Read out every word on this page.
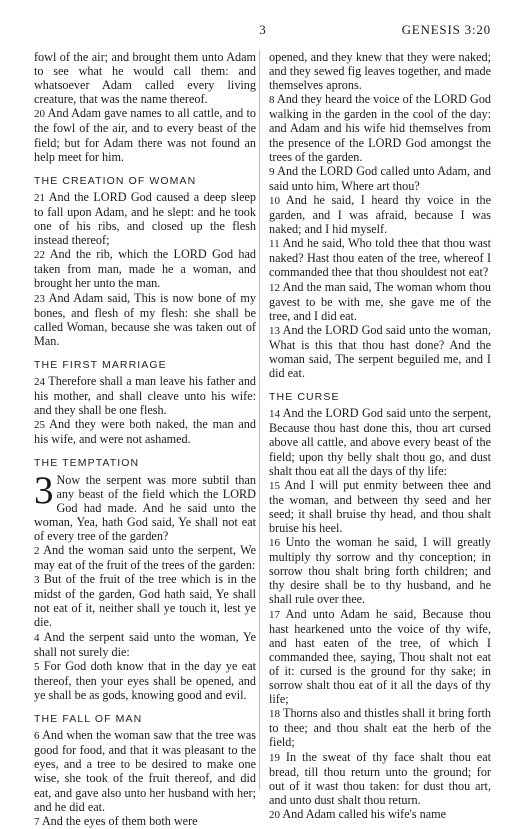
3	GENESIS 3:20
fowl of the air; and brought them unto Adam to see what he would call them: and whatsoever Adam called every living creature, that was the name thereof.
20 And Adam gave names to all cattle, and to the fowl of the air, and to every beast of the field; but for Adam there was not found an help meet for him.
THE CREATION OF WOMAN
21 And the LORD God caused a deep sleep to fall upon Adam, and he slept: and he took one of his ribs, and closed up the flesh instead thereof;
22 And the rib, which the LORD God had taken from man, made he a woman, and brought her unto the man.
23 And Adam said, This is now bone of my bones, and flesh of my flesh: she shall be called Woman, because she was taken out of Man.
THE FIRST MARRIAGE
24 Therefore shall a man leave his father and his mother, and shall cleave unto his wife: and they shall be one flesh.
25 And they were both naked, the man and his wife, and were not ashamed.
THE TEMPTATION
3 Now the serpent was more subtil than any beast of the field which the LORD God had made. And he said unto the woman, Yea, hath God said, Ye shall not eat of every tree of the garden?
2 And the woman said unto the serpent, We may eat of the fruit of the trees of the garden:
3 But of the fruit of the tree which is in the midst of the garden, God hath said, Ye shall not eat of it, neither shall ye touch it, lest ye die.
4 And the serpent said unto the woman, Ye shall not surely die:
5 For God doth know that in the day ye eat thereof, then your eyes shall be opened, and ye shall be as gods, knowing good and evil.
THE FALL OF MAN
6 And when the woman saw that the tree was good for food, and that it was pleasant to the eyes, and a tree to be desired to make one wise, she took of the fruit thereof, and did eat, and gave also unto her husband with her; and he did eat.
7 And the eyes of them both were
opened, and they knew that they were naked; and they sewed fig leaves together, and made themselves aprons.
8 And they heard the voice of the LORD God walking in the garden in the cool of the day: and Adam and his wife hid themselves from the presence of the LORD God amongst the trees of the garden.
9 And the LORD God called unto Adam, and said unto him, Where art thou?
10 And he said, I heard thy voice in the garden, and I was afraid, because I was naked; and I hid myself.
11 And he said, Who told thee that thou wast naked? Hast thou eaten of the tree, whereof I commanded thee that thou shouldest not eat?
12 And the man said, The woman whom thou gavest to be with me, she gave me of the tree, and I did eat.
13 And the LORD God said unto the woman, What is this that thou hast done? And the woman said, The serpent beguiled me, and I did eat.
THE CURSE
14 And the LORD God said unto the serpent, Because thou hast done this, thou art cursed above all cattle, and above every beast of the field; upon thy belly shalt thou go, and dust shalt thou eat all the days of thy life:
15 And I will put enmity between thee and the woman, and between thy seed and her seed; it shall bruise thy head, and thou shalt bruise his heel.
16 Unto the woman he said, I will greatly multiply thy sorrow and thy conception; in sorrow thou shalt bring forth children; and thy desire shall be to thy husband, and he shall rule over thee.
17 And unto Adam he said, Because thou hast hearkened unto the voice of thy wife, and hast eaten of the tree, of which I commanded thee, saying, Thou shalt not eat of it: cursed is the ground for thy sake; in sorrow shalt thou eat of it all the days of thy life;
18 Thorns also and thistles shall it bring forth to thee; and thou shalt eat the herb of the field;
19 In the sweat of thy face shalt thou eat bread, till thou return unto the ground; for out of it wast thou taken: for dust thou art, and unto dust shalt thou return.
20 And Adam called his wife's name
